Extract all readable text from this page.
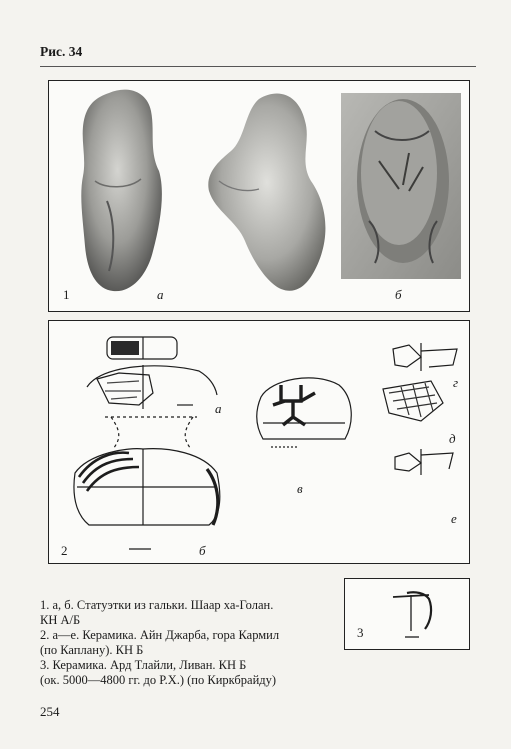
Рис. 34
1	а	б
2
а
б
в
г
д
е
3
1. а, б. Статуэтки из гальки. Шаар ха-Голан.
КН А/Б
2. а—е. Керамика. Айн Джарба, гора Кармил
(по Каплану). КН Б
3. Керамика. Ард Тлайли, Ливан. КН Б
(ок. 5000—4800 гг. до Р.Х.) (по Киркбрайду)
254
